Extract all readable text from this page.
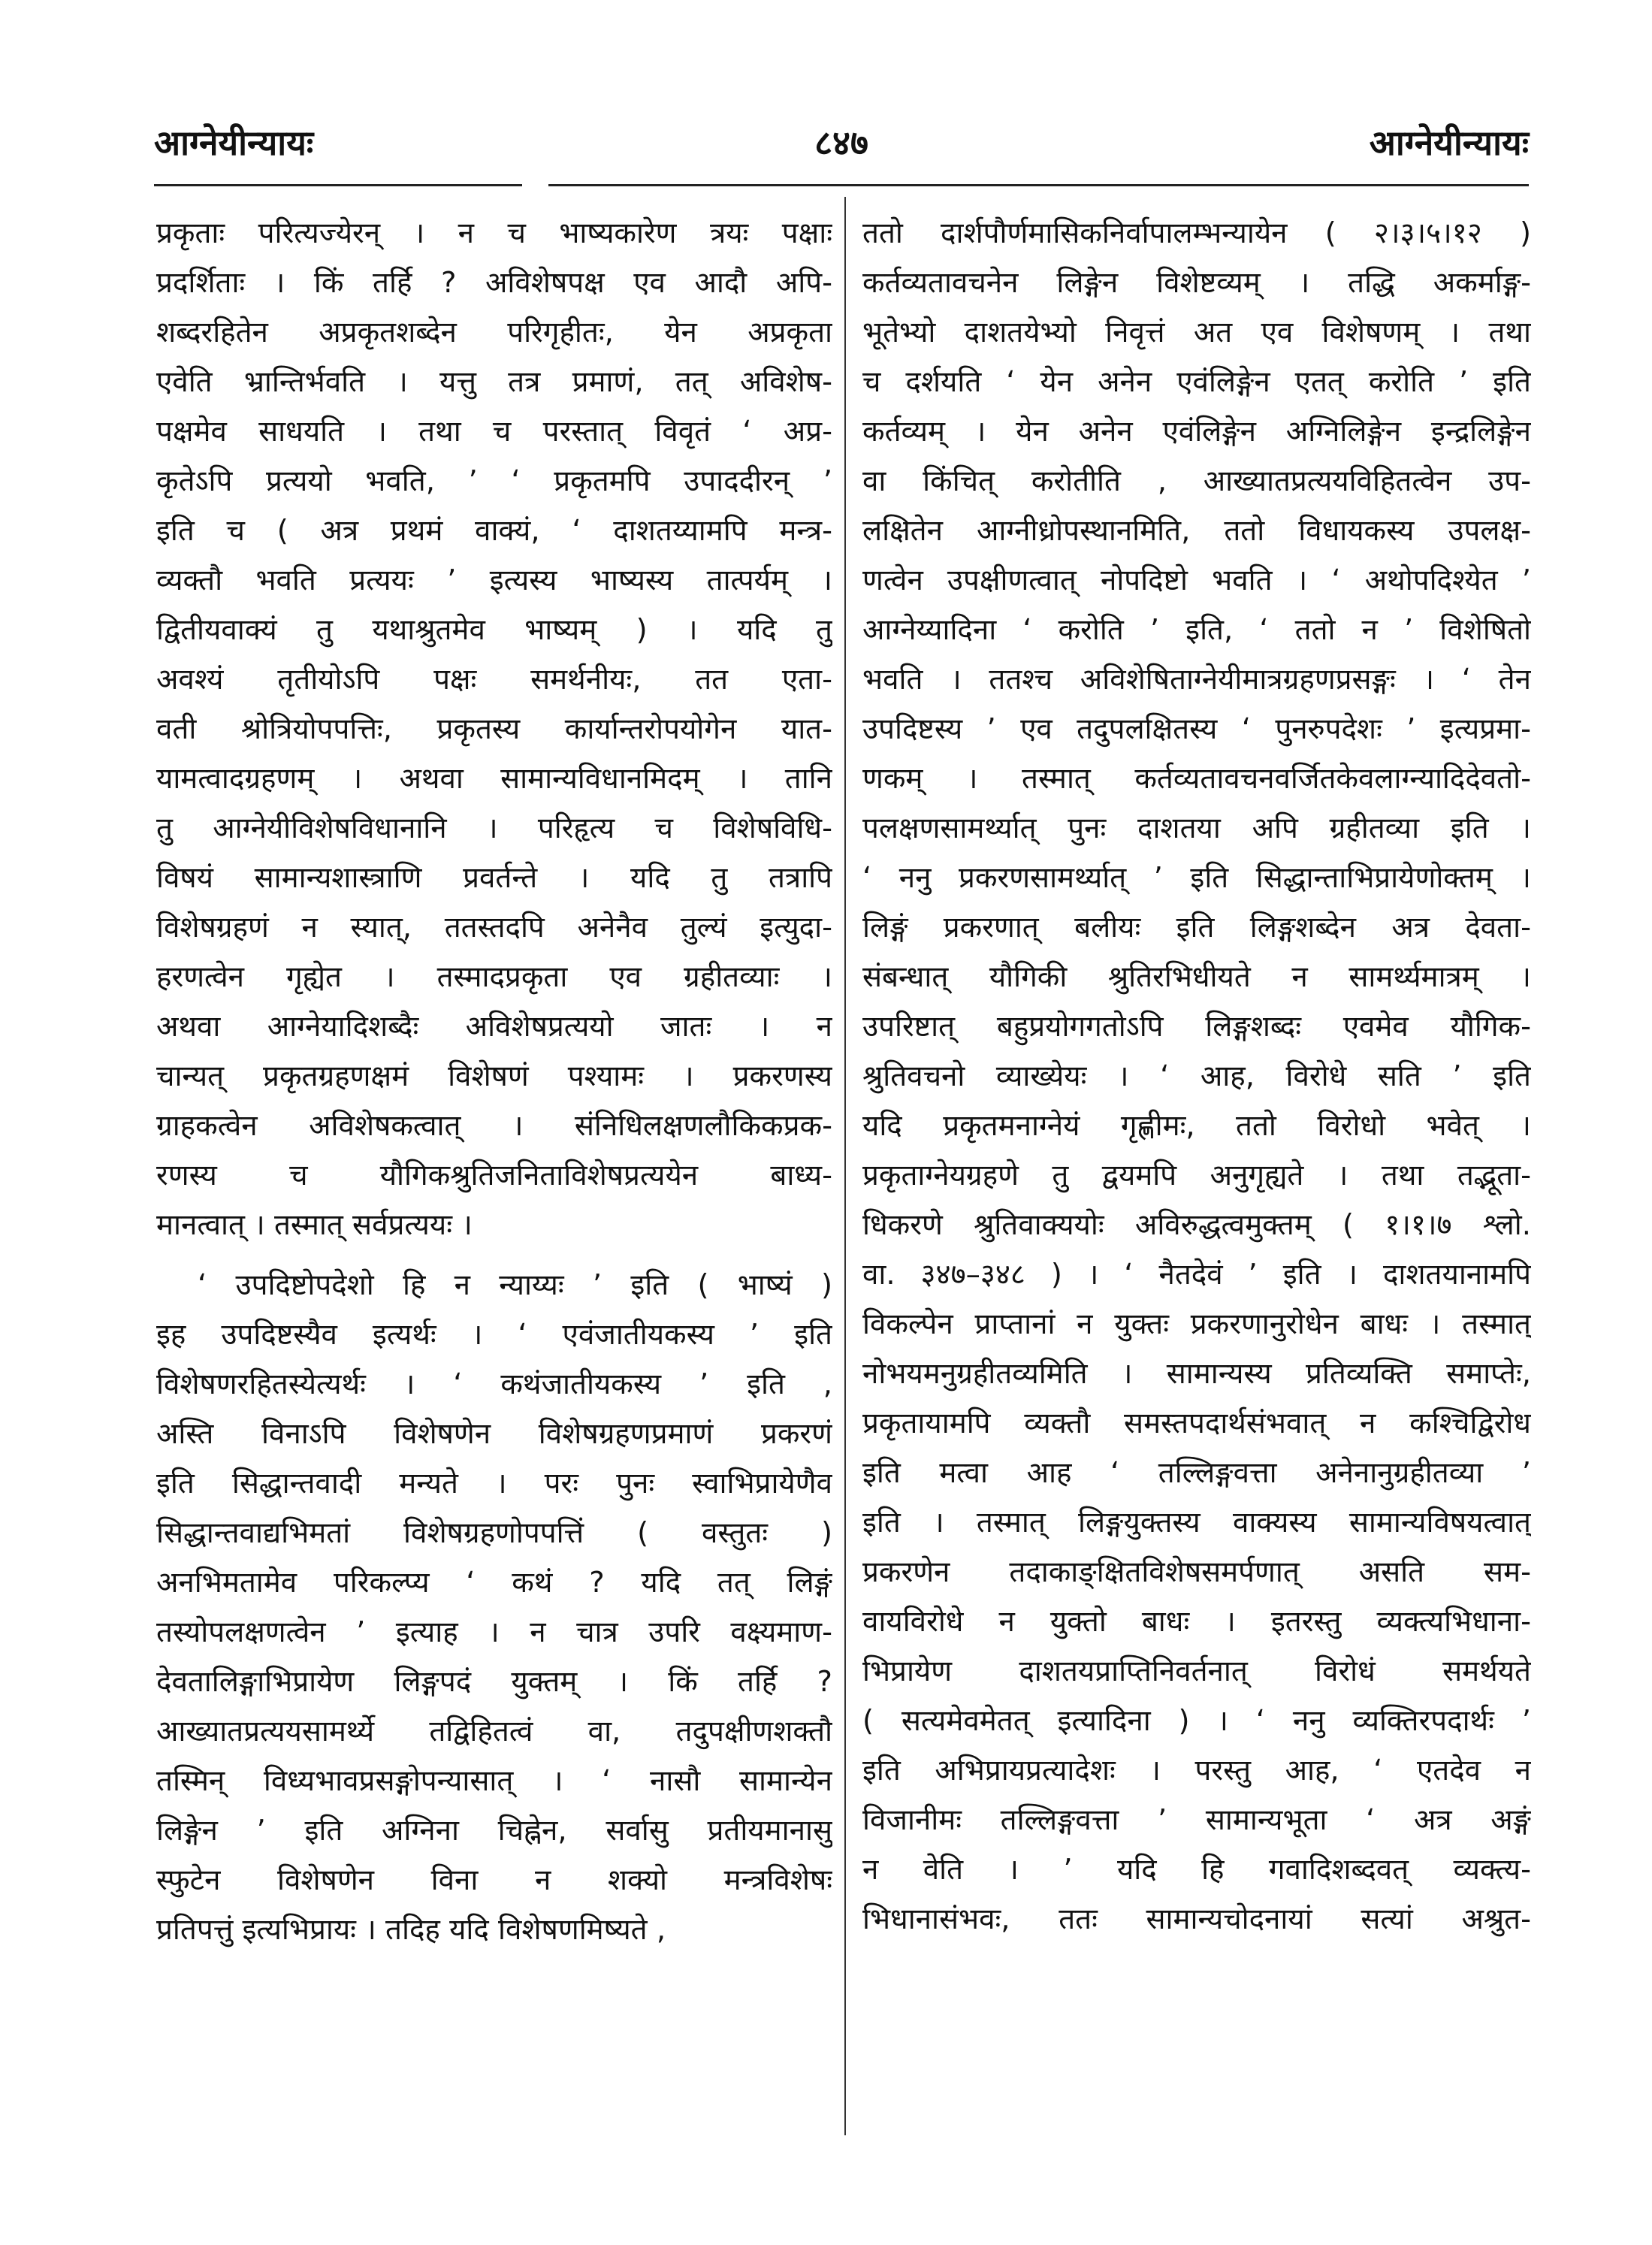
आग्नेयीन्यायः	८४७	आग्नेयीन्यायः
प्रकृताः परित्यज्येरन् । न च भाष्यकारेण त्रयः पक्षाः
प्रदर्शिताः । किं तर्हि ? अविशेषपक्ष एव आदौ अपि-
शब्दरहितेन अप्रकृतशब्देन परिगृहीतः, येन अप्रकृता
एवेति भ्रान्तिर्भवति । यत्तु तत्र प्रमाणं, तत् अविशेष-
पक्षमेव साधयति । तथा च परस्तात् विवृतं ‘ अप्र-
कृतेऽपि प्रत्ययो भवति, ’ ‘ प्रकृतमपि उपाददीरन् ’
इति च ( अत्र प्रथमं वाक्यं, ‘ दाशतय्यामपि मन्त्र-
व्यक्तौ भवति प्रत्ययः ’ इत्यस्य भाष्यस्य तात्पर्यम् ।
द्वितीयवाक्यं तु यथाश्रुतमेव भाष्यम् ) । यदि तु
अवश्यं तृतीयोऽपि पक्षः समर्थनीयः, तत एता-
वती श्रोत्रियोपपत्तिः, प्रकृतस्य कार्यान्तरोपयोगेन यात-
यामत्वादग्रहणम् । अथवा सामान्यविधानमिदम् । तानि
तु आग्नेयीविशेषविधानानि । परिहृत्य च विशेषविधि-
विषयं सामान्यशास्त्राणि प्रवर्तन्ते । यदि तु तत्रापि
विशेषग्रहणं न स्यात्, ततस्तदपि अनेनैव तुल्यं इत्युदा-
हरणत्वेन गृह्येत । तस्मादप्रकृता एव ग्रहीतव्याः ।
अथवा आग्नेयादिशब्दैः अविशेषप्रत्ययो जातः । न
चान्यत् प्रकृतग्रहणक्षमं विशेषणं पश्यामः । प्रकरणस्य
ग्राहकत्वेन अविशेषकत्वात् । संनिधिलक्षणलौकिकप्रक-
रणस्य च यौगिकश्रुतिजनिताविशेषप्रत्ययेन बाध्य-
मानत्वात् । तस्मात् सर्वप्रत्ययः ।
‘ उपदिष्टोपदेशो हि न न्याय्यः ’ इति ( भाष्यं )
इह उपदिष्टस्यैव इत्यर्थः । ‘ एवंजातीयकस्य ’ इति
विशेषणरहितस्येत्यर्थः । ‘ कथंजातीयकस्य ’ इति ,
अस्ति विनाऽपि विशेषणेन विशेषग्रहणप्रमाणं प्रकरणं
इति सिद्धान्तवादी मन्यते । परः पुनः स्वाभिप्रायेणैव
सिद्धान्तवाद्यभिमतां विशेषग्रहणोपपत्तिं ( वस्तुतः )
अनभिमतामेव परिकल्प्य ‘ कथं ? यदि तत् लिङ्गं
तस्योपलक्षणत्वेन ’ इत्याह । न चात्र उपरि वक्ष्यमाण-
देवतालिङ्गाभिप्रायेण लिङ्गपदं युक्तम् । किं तर्हि ?
आख्यातप्रत्ययसामर्थ्ये तद्विहितत्वं वा, तदुपक्षीणशक्तौ
तस्मिन् विध्यभावप्रसङ्गोपन्यासात् । ‘ नासौ सामान्येन
लिङ्गेन ’ इति अग्निना चिह्नेन, सर्वासु प्रतीयमानासु
स्फुटेन विशेषणेन विना न शक्यो मन्त्रविशेषः
प्रतिपत्तुं इत्यभिप्रायः । तदिह यदि विशेषणमिष्यते ,
ततो दार्शपौर्णमासिकनिर्वापालम्भन्यायेन ( २।३।५।१२ )
कर्तव्यतावचनेन लिङ्गेन विशेष्टव्यम् । तद्धि अकर्माङ्ग-
भूतेभ्यो दाशतयेभ्यो निवृत्तं अत एव विशेषणम् । तथा
च दर्शयति ‘ येन अनेन एवंलिङ्गेन एतत् करोति ’ इति
कर्तव्यम् । येन अनेन एवंलिङ्गेन अग्निलिङ्गेन इन्द्रलिङ्गेन
वा किंचित् करोतीति , आख्यातप्रत्ययविहितत्वेन उप-
लक्षितेन आग्नीध्रोपस्थानमिति, ततो विधायकस्य उपलक्ष-
णत्वेन उपक्षीणत्वात् नोपदिष्टो भवति । ‘ अथोपदिश्येत ’
आग्नेय्यादिना ‘ करोति ’ इति, ‘ ततो न ’ विशेषितो
भवति । ततश्च अविशेषिताग्नेयीमात्रग्रहणप्रसङ्गः । ‘ तेन
उपदिष्टस्य ’ एव तदुपलक्षितस्य ‘ पुनरुपदेशः ’ इत्यप्रमा-
णकम् । तस्मात् कर्तव्यतावचनवर्जितकेवलाग्न्यादिदेवतो-
पलक्षणसामर्थ्यात् पुनः दाशतया अपि ग्रहीतव्या इति ।
‘ ननु प्रकरणसामर्थ्यात् ’ इति सिद्धान्ताभिप्रायेणोक्तम् ।
लिङ्गं प्रकरणात् बलीयः इति लिङ्गशब्देन अत्र देवता-
संबन्धात् यौगिकी श्रुतिरभिधीयते न सामर्थ्यमात्रम् ।
उपरिष्टात् बहुप्रयोगगतोऽपि लिङ्गशब्दः एवमेव यौगिक-
श्रुतिवचनो व्याख्येयः । ‘ आह, विरोधे सति ’ इति
यदि प्रकृतमनाग्नेयं गृह्णीमः, ततो विरोधो भवेत् ।
प्रकृताग्नेयग्रहणे तु द्वयमपि अनुगृह्यते । तथा तद्भूता-
धिकरणे श्रुतिवाक्ययोः अविरुद्धत्वमुक्तम् ( १।१।७ श्लो.
वा. ३४७–३४८ ) । ‘ नैतदेवं ’ इति । दाशतयानामपि
विकल्पेन प्राप्तानां न युक्तः प्रकरणानुरोधेन बाधः । तस्मात्
नोभयमनुग्रहीतव्यमिति । सामान्यस्य प्रतिव्यक्ति समाप्तेः,
प्रकृतायामपि व्यक्तौ समस्तपदार्थसंभवात् न कश्चिद्विरोध
इति मत्वा आह ‘ तल्लिङ्गवत्ता अनेनानुग्रहीतव्या ’
इति । तस्मात् लिङ्गयुक्तस्य वाक्यस्य सामान्यविषयत्वात्
प्रकरणेन तदाकाङ्क्षितविशेषसमर्पणात् असति सम-
वायविरोधे न युक्तो बाधः । इतरस्तु व्यक्त्यभिधाना-
भिप्रायेण दाशतयप्राप्तिनिवर्तनात् विरोधं समर्थयते
( सत्यमेवमेतत् इत्यादिना ) । ‘ ननु व्यक्तिरपदार्थः ’
इति अभिप्रायप्रत्यादेशः । परस्तु आह, ‘ एतदेव न
विजानीमः तल्लिङ्गवत्ता ’ सामान्यभूता ‘ अत्र अङ्गं
न वेति । ’ यदि हि गवादिशब्दवत् व्यक्त्य-
भिधानासंभवः, ततः सामान्यचोदनायां सत्यां अश्रुत-
